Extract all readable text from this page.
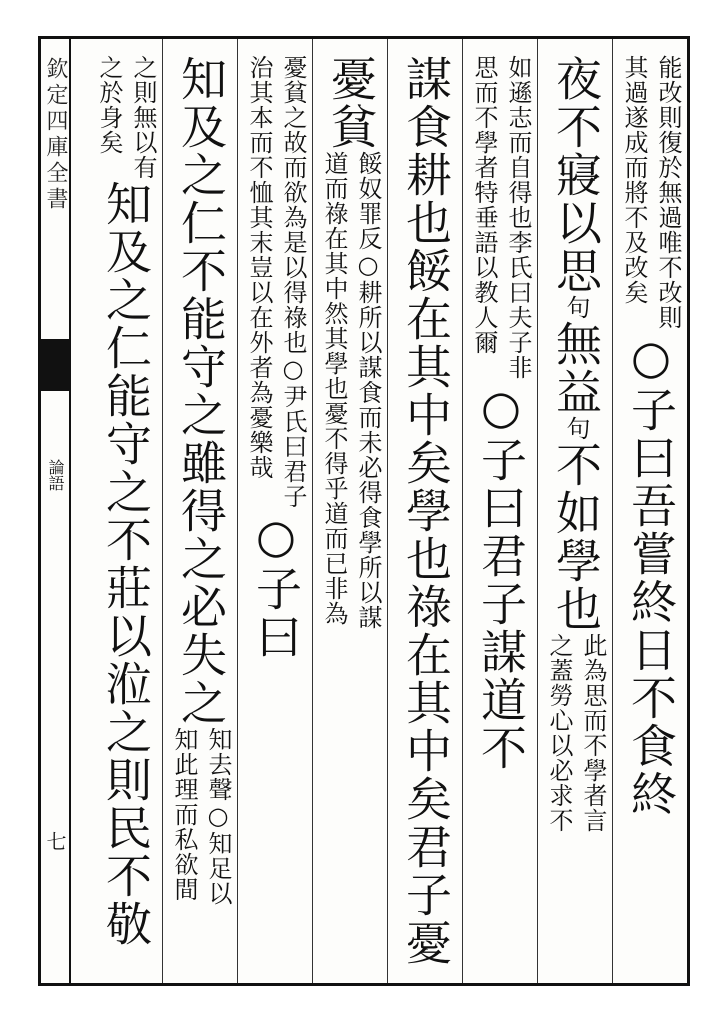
欽定四庫全書
論語
七
能改則復於無過唯不改則
其過遂成而將不及改矣
○子曰吾嘗終日不食終
夜不寢以思句無益句不如學也
此為思而不學者言
之蓋勞心以必求不
如遜志而自得也李氏曰夫子非
思而不學者特垂語以教人爾
○子曰君子謀道不
謀食耕也餒在其中矣學也祿在其中矣君子憂
憂貧
餒奴罪反○耕所以謀食而未必得食學所以謀
道而祿在其中然其學也憂不得乎道而已非為
憂貧之故而欲為是以得祿也○尹氏曰君子
治其本而不恤其末豈以在外者為憂樂哉
○子曰
知及之仁不能守之雖得之必失之
知去聲○知足以
知此理而私欲間
之則無以有
之於身矣
知及之仁能守之不莊以涖之則民不敬
